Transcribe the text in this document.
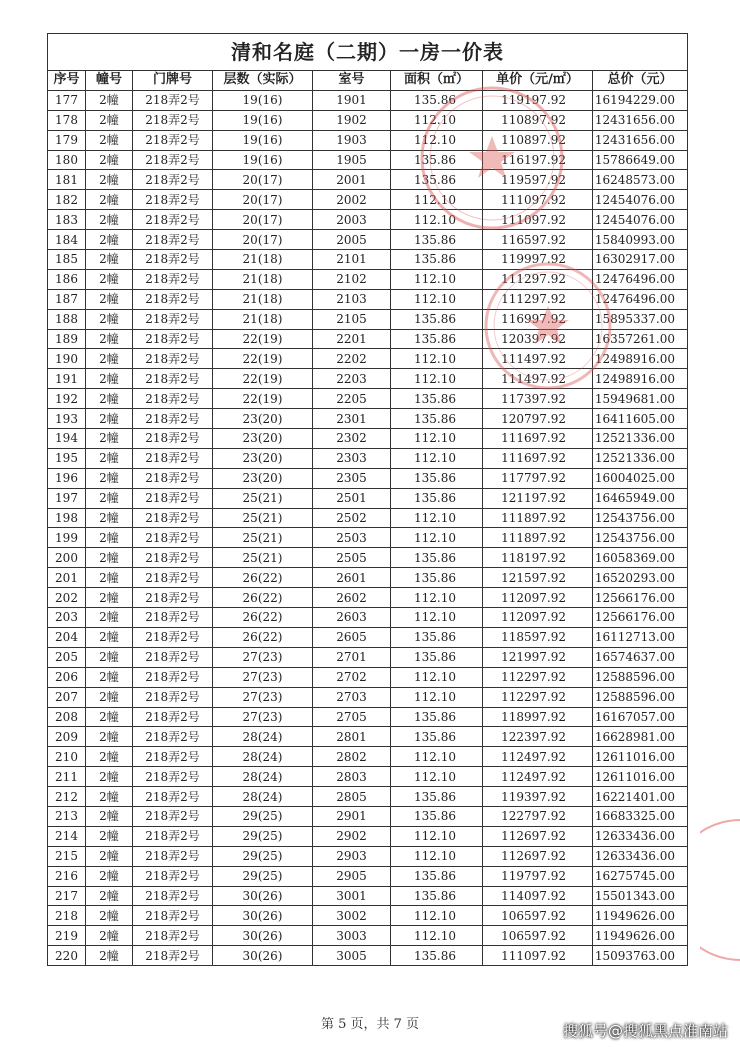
清和名庭（二期）一房一价表							
序号	幢号	门牌号	层数（实际）	室号	面积（㎡）	单价（元/㎡）	总价（元）
177	2幢	218弄2号	19(16)	1901	135.86	119197.92	16194229.00
178	2幢	218弄2号	19(16)	1902	112.10	110897.92	12431656.00
179	2幢	218弄2号	19(16)	1903	112.10	110897.92	12431656.00
180	2幢	218弄2号	19(16)	1905	135.86	116197.92	15786649.00
181	2幢	218弄2号	20(17)	2001	135.86	119597.92	16248573.00
182	2幢	218弄2号	20(17)	2002	112.10	111097.92	12454076.00
183	2幢	218弄2号	20(17)	2003	112.10	111097.92	12454076.00
184	2幢	218弄2号	20(17)	2005	135.86	116597.92	15840993.00
185	2幢	218弄2号	21(18)	2101	135.86	119997.92	16302917.00
186	2幢	218弄2号	21(18)	2102	112.10	111297.92	12476496.00
187	2幢	218弄2号	21(18)	2103	112.10	111297.92	12476496.00
188	2幢	218弄2号	21(18)	2105	135.86	116997.92	15895337.00
189	2幢	218弄2号	22(19)	2201	135.86	120397.92	16357261.00
190	2幢	218弄2号	22(19)	2202	112.10	111497.92	12498916.00
191	2幢	218弄2号	22(19)	2203	112.10	111497.92	12498916.00
192	2幢	218弄2号	22(19)	2205	135.86	117397.92	15949681.00
193	2幢	218弄2号	23(20)	2301	135.86	120797.92	16411605.00
194	2幢	218弄2号	23(20)	2302	112.10	111697.92	12521336.00
195	2幢	218弄2号	23(20)	2303	112.10	111697.92	12521336.00
196	2幢	218弄2号	23(20)	2305	135.86	117797.92	16004025.00
197	2幢	218弄2号	25(21)	2501	135.86	121197.92	16465949.00
198	2幢	218弄2号	25(21)	2502	112.10	111897.92	12543756.00
199	2幢	218弄2号	25(21)	2503	112.10	111897.92	12543756.00
200	2幢	218弄2号	25(21)	2505	135.86	118197.92	16058369.00
201	2幢	218弄2号	26(22)	2601	135.86	121597.92	16520293.00
202	2幢	218弄2号	26(22)	2602	112.10	112097.92	12566176.00
203	2幢	218弄2号	26(22)	2603	112.10	112097.92	12566176.00
204	2幢	218弄2号	26(22)	2605	135.86	118597.92	16112713.00
205	2幢	218弄2号	27(23)	2701	135.86	121997.92	16574637.00
206	2幢	218弄2号	27(23)	2702	112.10	112297.92	12588596.00
207	2幢	218弄2号	27(23)	2703	112.10	112297.92	12588596.00
208	2幢	218弄2号	27(23)	2705	135.86	118997.92	16167057.00
209	2幢	218弄2号	28(24)	2801	135.86	122397.92	16628981.00
210	2幢	218弄2号	28(24)	2802	112.10	112497.92	12611016.00
211	2幢	218弄2号	28(24)	2803	112.10	112497.92	12611016.00
212	2幢	218弄2号	28(24)	2805	135.86	119397.92	16221401.00
213	2幢	218弄2号	29(25)	2901	135.86	122797.92	16683325.00
214	2幢	218弄2号	29(25)	2902	112.10	112697.92	12633436.00
215	2幢	218弄2号	29(25)	2903	112.10	112697.92	12633436.00
216	2幢	218弄2号	29(25)	2905	135.86	119797.92	16275745.00
217	2幢	218弄2号	30(26)	3001	135.86	114097.92	15501343.00
218	2幢	218弄2号	30(26)	3002	112.10	106597.92	11949626.00
219	2幢	218弄2号	30(26)	3003	112.10	106597.92	11949626.00
220	2幢	218弄2号	30(26)	3005	135.86	111097.92	15093763.00
第 5 页，共 7 页	搜狐号@搜狐黑点淮南站
